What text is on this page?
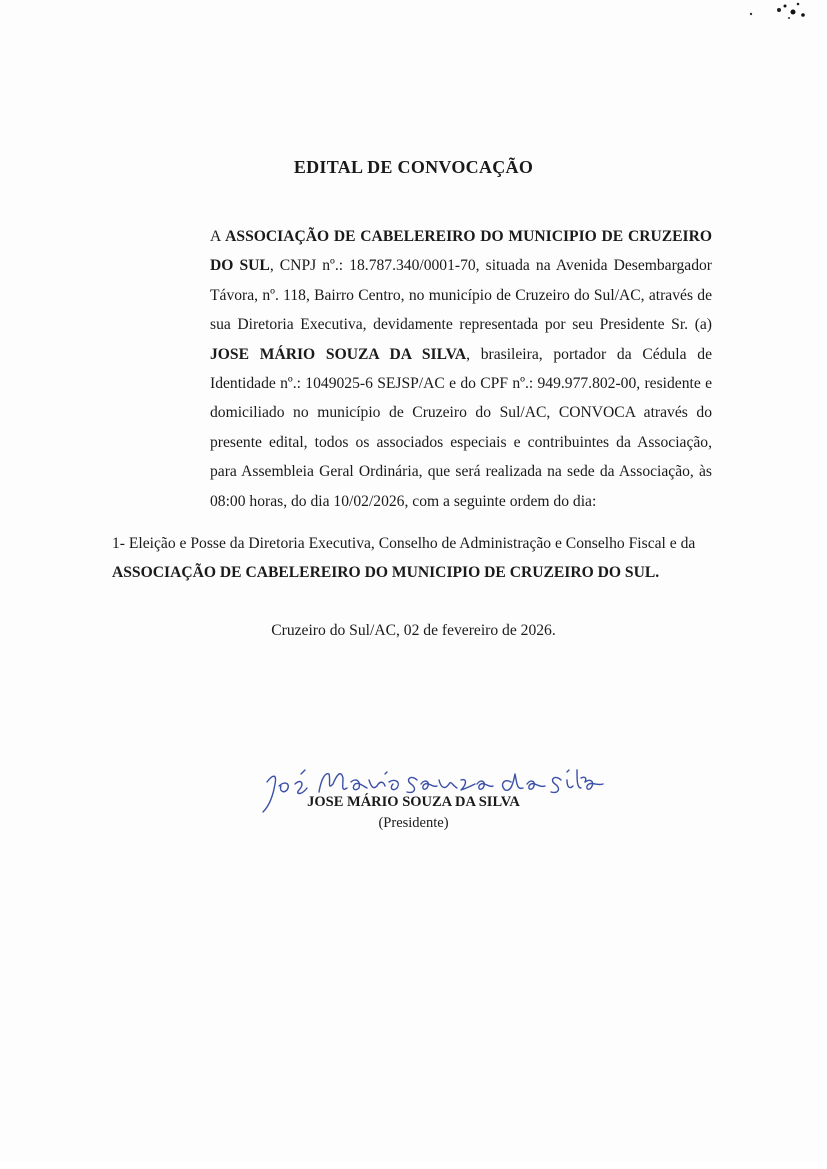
EDITAL DE CONVOCAÇÃO

A ASSOCIAÇÃO DE CABELEREIRO DO MUNICIPIO DE CRUZEIRO DO SUL, CNPJ nº.: 18.787.340/0001-70, situada na Avenida Desembargador Távora, nº. 118, Bairro Centro, no município de Cruzeiro do Sul/AC, através de sua Diretoria Executiva, devidamente representada por seu Presidente Sr. (a) JOSE MÁRIO SOUZA DA SILVA, brasileira, portador da Cédula de Identidade nº.: 1049025-6 SEJSP/AC e do CPF nº.: 949.977.802-00, residente e domiciliado no município de Cruzeiro do Sul/AC, CONVOCA através do presente edital, todos os associados especiais e contribuintes da Associação, para Assembleia Geral Ordinária, que será realizada na sede da Associação, às 08:00 horas, do dia 10/02/2026, com a seguinte ordem do dia:

1- Eleição e Posse da Diretoria Executiva, Conselho de Administração e Conselho Fiscal e da ASSOCIAÇÃO DE CABELEREIRO DO MUNICIPIO DE CRUZEIRO DO SUL.
Cruzeiro do Sul/AC, 02 de fevereiro de 2026.
JOSE MÁRIO SOUZA DA SILVA
(Presidente)
